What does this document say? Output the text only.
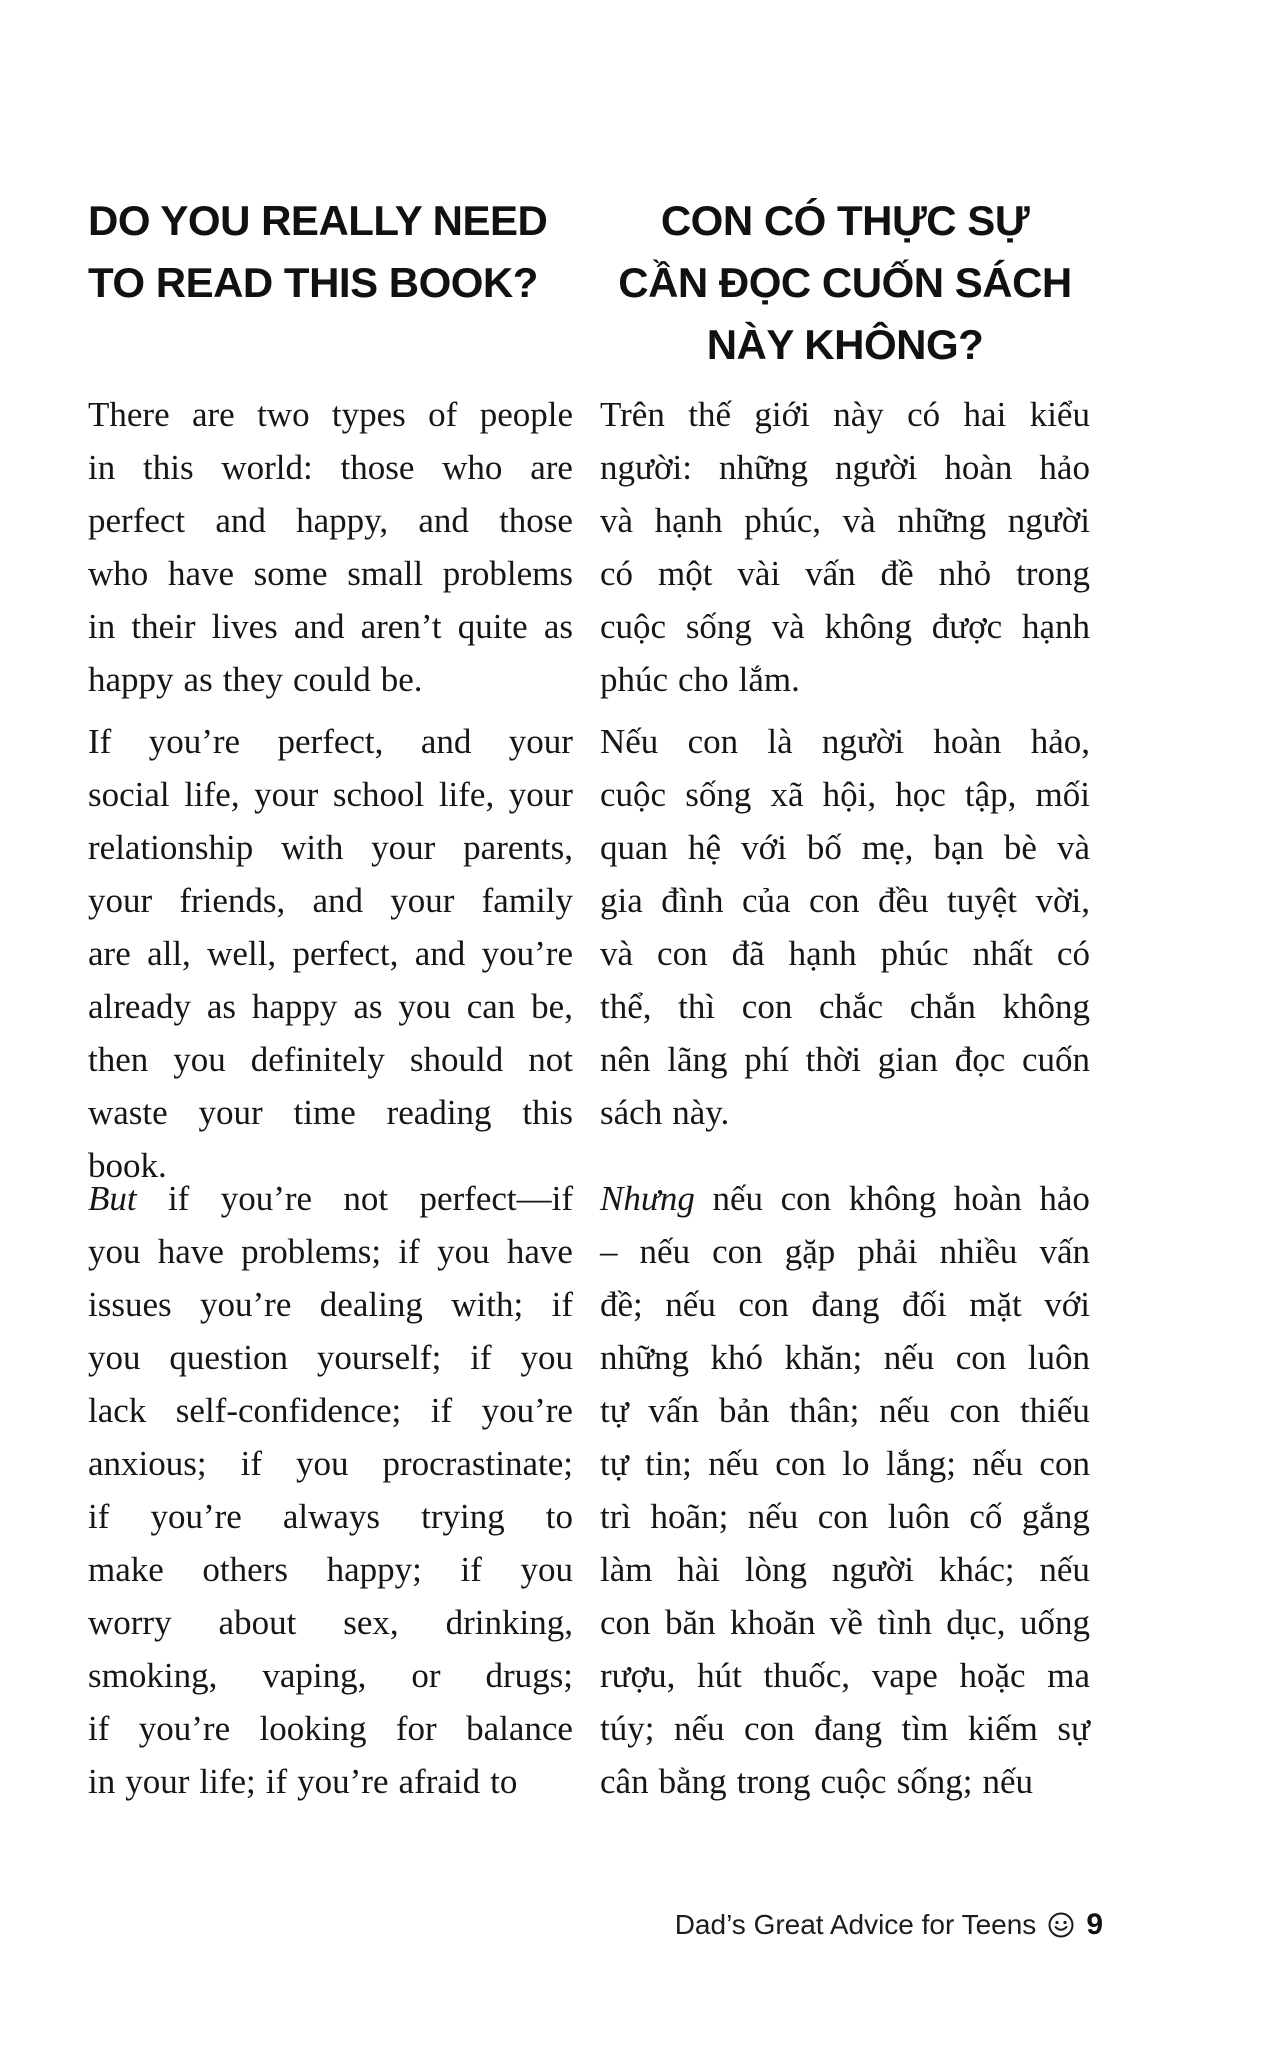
DO YOU REALLY NEED
TO READ THIS BOOK?
CON CÓ THỰC SỰ
CẦN ĐỌC CUỐN SÁCH
NÀY KHÔNG?
There are two types of people
in this world: those who are
perfect and happy, and those
who have some small problems
in their lives and aren’t quite as
happy as they could be.
If you’re perfect, and your
social life, your school life, your
relationship with your parents,
your friends, and your family
are all, well, perfect, and you’re
already as happy as you can be,
then you definitely should not
waste your time reading this
book.
But if you’re not perfect—if
you have problems; if you have
issues you’re dealing with; if
you question yourself; if you
lack self-confidence; if you’re
anxious; if you procrastinate;
if you’re always trying to
make others happy; if you
worry about sex, drinking,
smoking, vaping, or drugs;
if you’re looking for balance
in your life; if you’re afraid to
Trên thế giới này có hai kiểu
người: những người hoàn hảo
và hạnh phúc, và những người
có một vài vấn đề nhỏ trong
cuộc sống và không được hạnh
phúc cho lắm.
Nếu con là người hoàn hảo,
cuộc sống xã hội, học tập, mối
quan hệ với bố mẹ, bạn bè và
gia đình của con đều tuyệt vời,
và con đã hạnh phúc nhất có
thể, thì con chắc chắn không
nên lãng phí thời gian đọc cuốn
sách này.
Nhưng nếu con không hoàn hảo
– nếu con gặp phải nhiều vấn
đề; nếu con đang đối mặt với
những khó khăn; nếu con luôn
tự vấn bản thân; nếu con thiếu
tự tin; nếu con lo lắng; nếu con
trì hoãn; nếu con luôn cố gắng
làm hài lòng người khác; nếu
con băn khoăn về tình dục, uống
rượu, hút thuốc, vape hoặc ma
túy; nếu con đang tìm kiếm sự
cân bằng trong cuộc sống; nếu
Dad’s Great Advice for Teens 9
